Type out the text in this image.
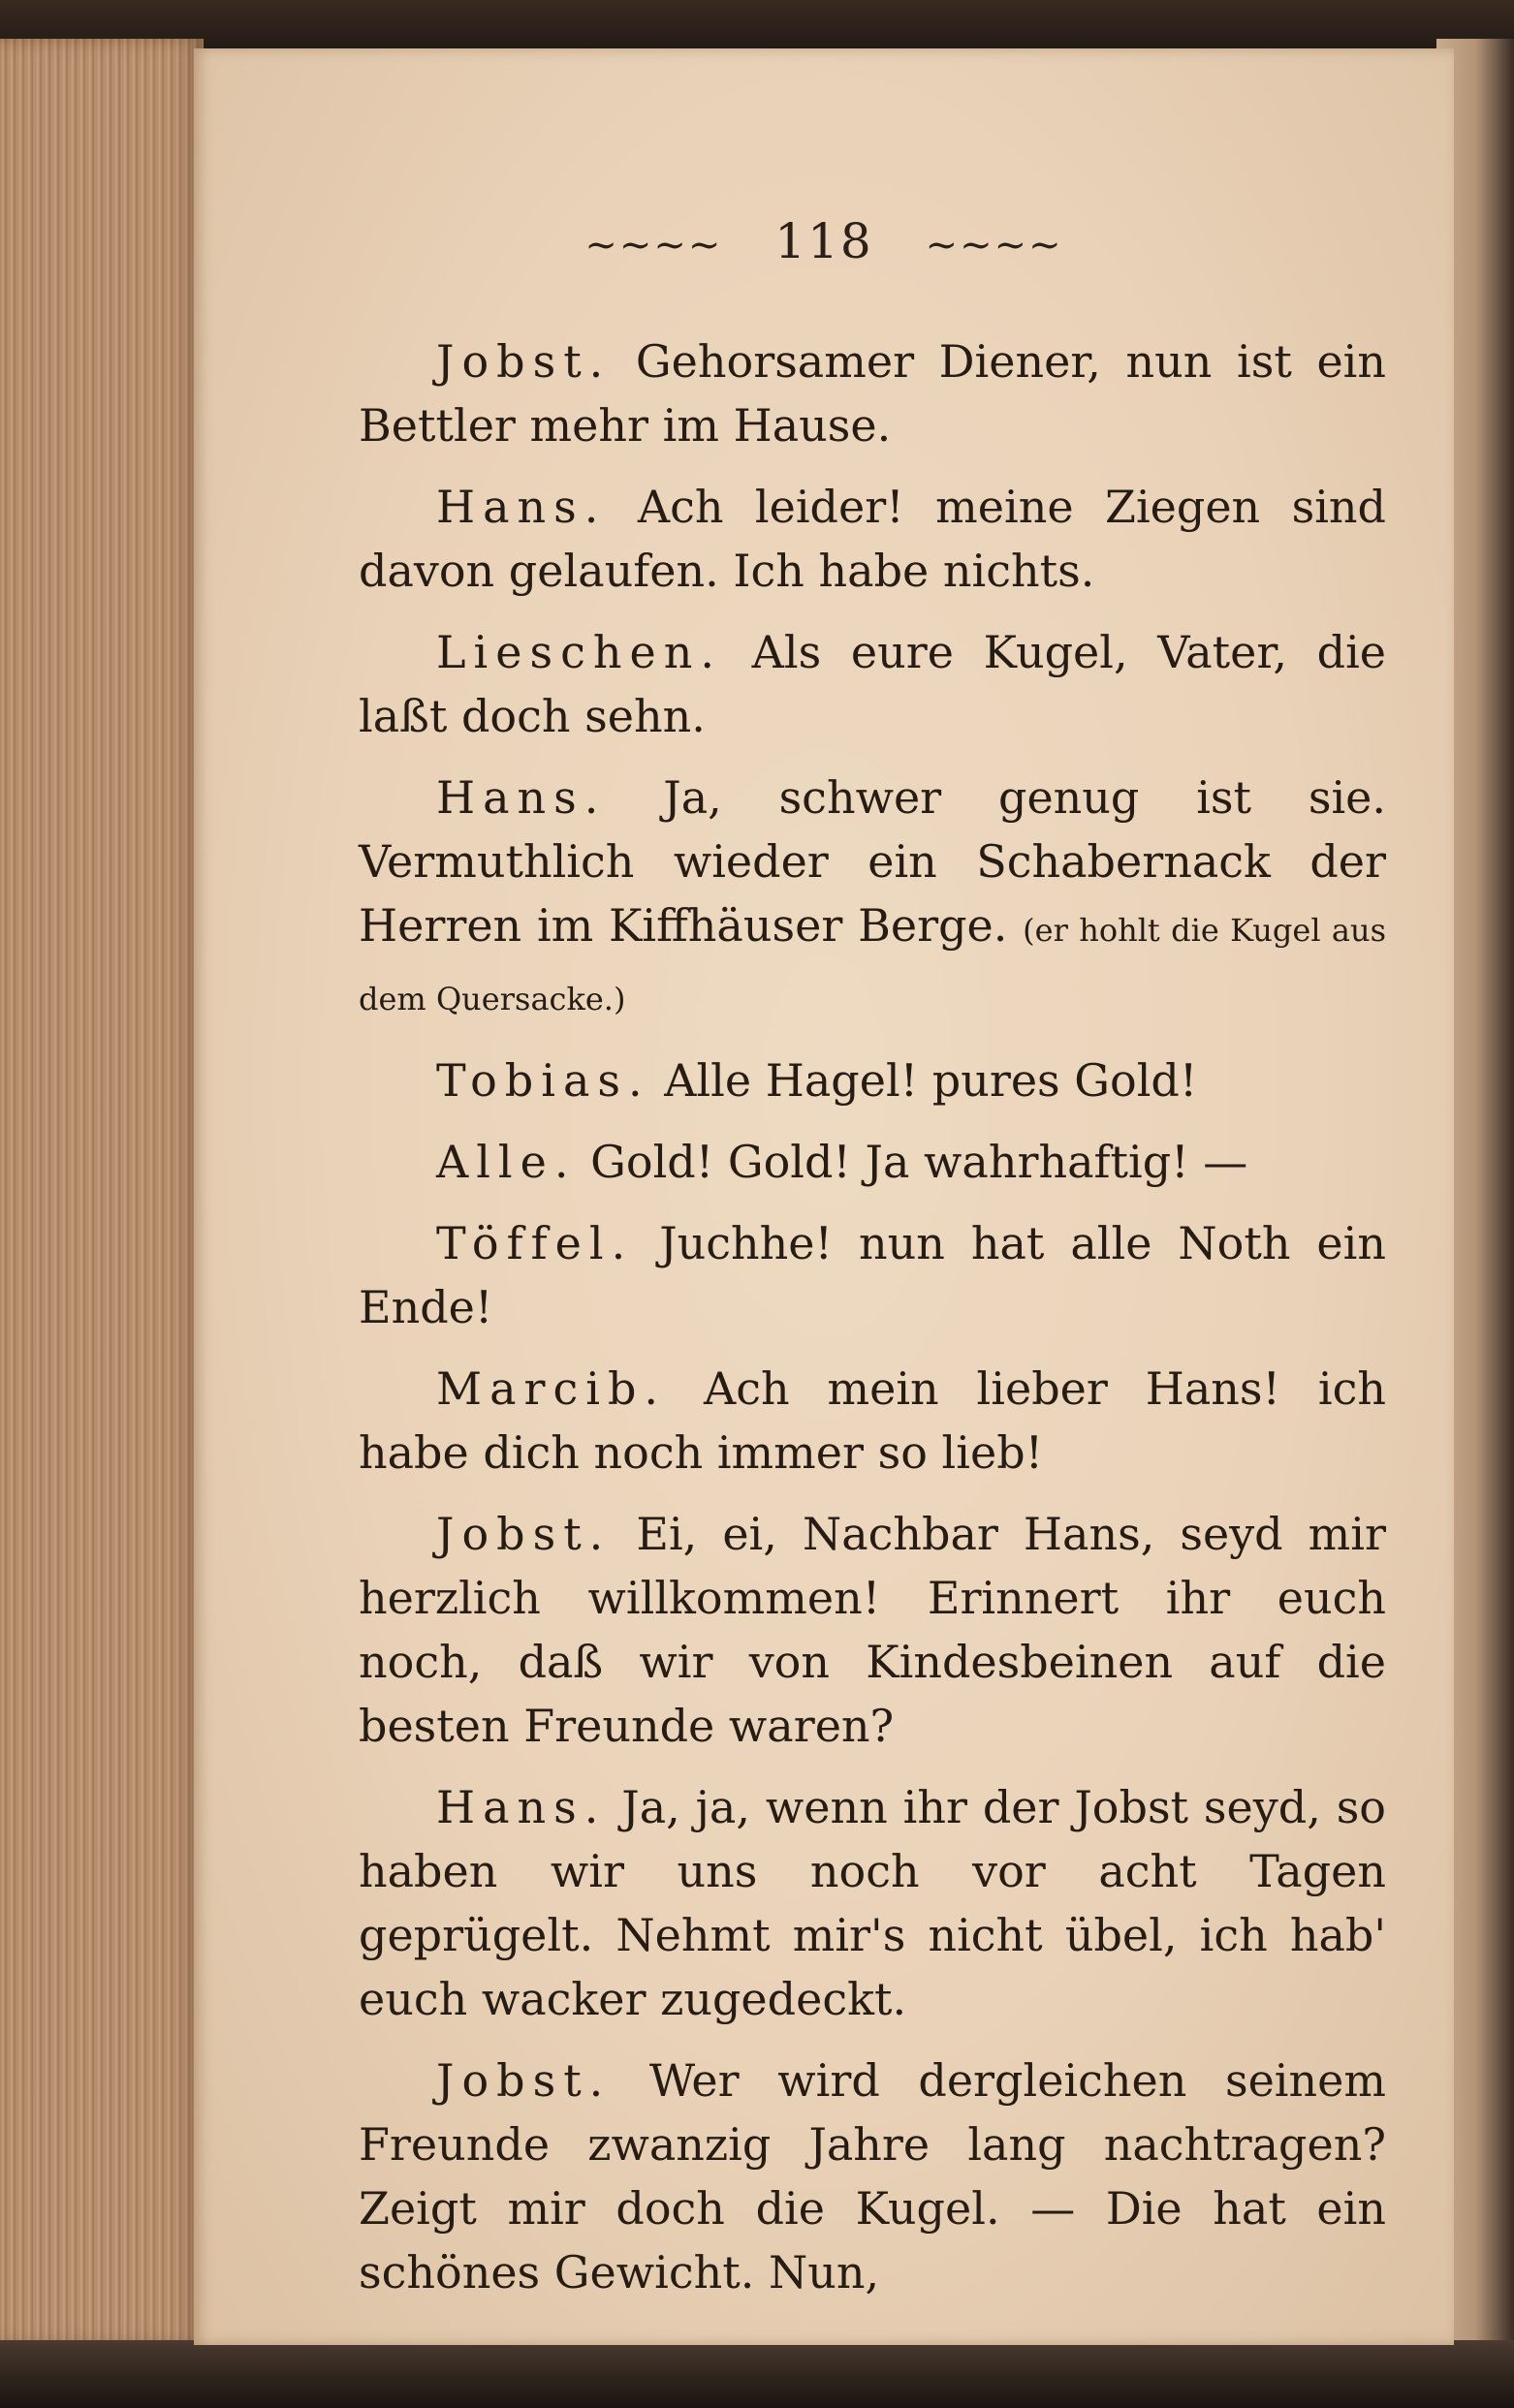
~~~~ 118 ~~~~

Jobst. Gehorsamer Diener, nun ist ein Bettler mehr im Hause.

Hans. Ach leider! meine Ziegen sind davon gelaufen. Ich habe nichts.

Lieschen. Als eure Kugel, Vater, die laßt doch sehn.

Hans. Ja, schwer genug ist sie. Vermuthlich wieder ein Schabernack der Herren im Kiffhäuser Berge. (er hohlt die Kugel aus dem Quersacke.)

Tobias. Alle Hagel! pures Gold!

Alle. Gold! Gold! Ja wahrhaftig! —

Töffel. Juchhe! nun hat alle Noth ein Ende!

Marcib. Ach mein lieber Hans! ich habe dich noch immer so lieb!

Jobst. Ei, ei, Nachbar Hans, seyd mir herzlich willkommen! Erinnert ihr euch noch, daß wir von Kindesbeinen auf die besten Freunde waren?

Hans. Ja, ja, wenn ihr der Jobst seyd, so haben wir uns noch vor acht Tagen geprügelt. Nehmt mir's nicht übel, ich hab' euch wacker zugedeckt.

Jobst. Wer wird dergleichen seinem Freunde zwanzig Jahre lang nachtragen? Zeigt mir doch die Kugel. — Die hat ein schönes Gewicht. Nun,
